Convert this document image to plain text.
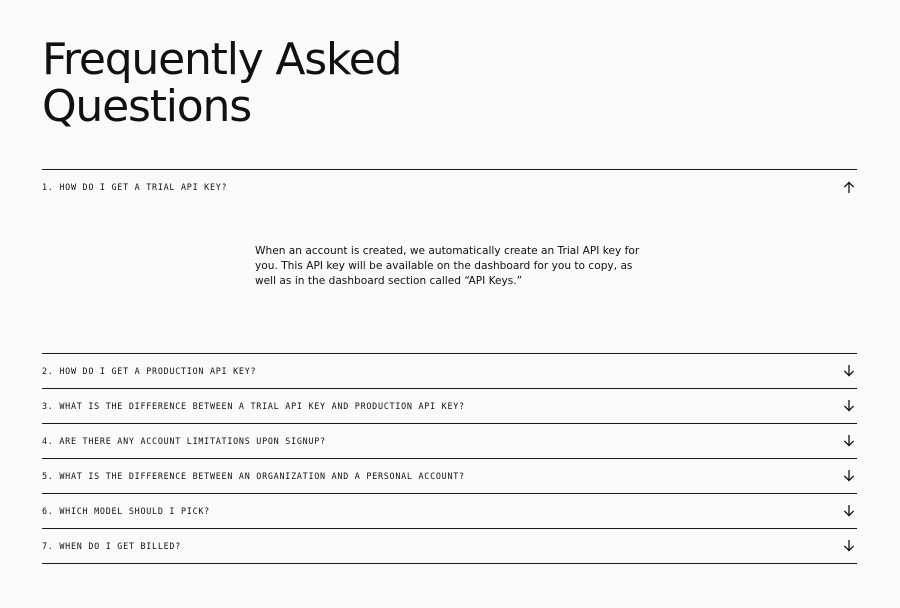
Frequently Asked Questions
1. HOW DO I GET A TRIAL API KEY?

When an account is created, we automatically create an Trial API key for you. This API key will be available on the dashboard for you to copy, as well as in the dashboard section called “API Keys.”

2. HOW DO I GET A PRODUCTION API KEY?
3. WHAT IS THE DIFFERENCE BETWEEN A TRIAL API KEY AND PRODUCTION API KEY?
4. ARE THERE ANY ACCOUNT LIMITATIONS UPON SIGNUP?
5. WHAT IS THE DIFFERENCE BETWEEN AN ORGANIZATION AND A PERSONAL ACCOUNT?
6. WHICH MODEL SHOULD I PICK?
7. WHEN DO I GET BILLED?
